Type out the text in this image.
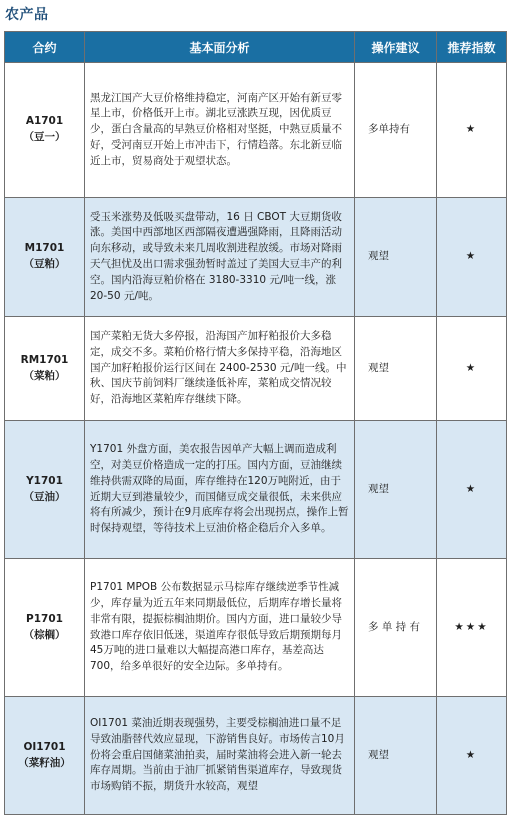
农产品
合约	基本面分析	操作建议	推荐指数

A1701
（豆一）	黑龙江国产大豆价格维持稳定，河南产区开始有新豆零星上市，价格低开上市。湖北豆涨跌互现，因优质豆少，蛋白含量高的早熟豆价格相对坚挺，中熟豆质量不好，受河南豆开始上市冲击下，行情趋落。东北新豆临近上市，贸易商处于观望状态。	多单持有	★

M1701
（豆粕）	受玉米涨势及低吸买盘带动，16 日 CBOT 大豆期货收涨。美国中西部地区西部隔夜遭遇强降雨，且降雨活动向东移动，或导致未来几周收割进程放缓。市场对降雨天气担忧及出口需求强劲暂时盖过了美国大豆丰产的利空。国内沿海豆粕价格在 3180-3310 元/吨一线，涨 20-50 元/吨。	观望	★

RM1701
（菜粕）	国产菜粕无货大多停报，沿海国产加籽粕报价大多稳定，成交不多。菜粕价格行情大多保持平稳，沿海地区国产加籽粕报价运行区间在 2400-2530 元/吨一线。中秋、国庆节前饲料厂继续逢低补库，菜粕成交情况较好，沿海地区菜粕库存继续下降。	观望	★

Y1701
（豆油）	Y1701 外盘方面，美农报告因单产大幅上调而造成利空，对美豆价格造成一定的打压。国内方面，豆油继续维持供需双降的局面，库存维持在120万吨附近，由于近期大豆到港量较少，而国储豆成交量很低，未来供应将有所减少，预计在9月底库存将会出现拐点，操作上暂时保持观望，等待技术上豆油价格企稳后介入多单。	观望	★

P1701
（棕榈）	P1701 MPOB 公布数据显示马棕库存继续逆季节性减少，库存量为近五年来同期最低位，后期库存增长量将非常有限，提振棕榈油期价。国内方面，进口量较少导致港口库存依旧低迷，渠道库存很低导致后期预期每月45万吨的进口量难以大幅提高港口库存，基差高达700，给多单很好的安全边际。多单持有。	多 单 持 有	★★★

OI1701
（菜籽油）	OI1701 菜油近期表现强势，主要受棕榈油进口量不足导致油脂替代效应显现，下游销售良好。市场传言10月份将会重启国储菜油拍卖，届时菜油将会进入新一轮去库存周期。当前由于油厂抓紧销售渠道库存，导致现货市场购销不振，期货升水较高，观望	观望	★
